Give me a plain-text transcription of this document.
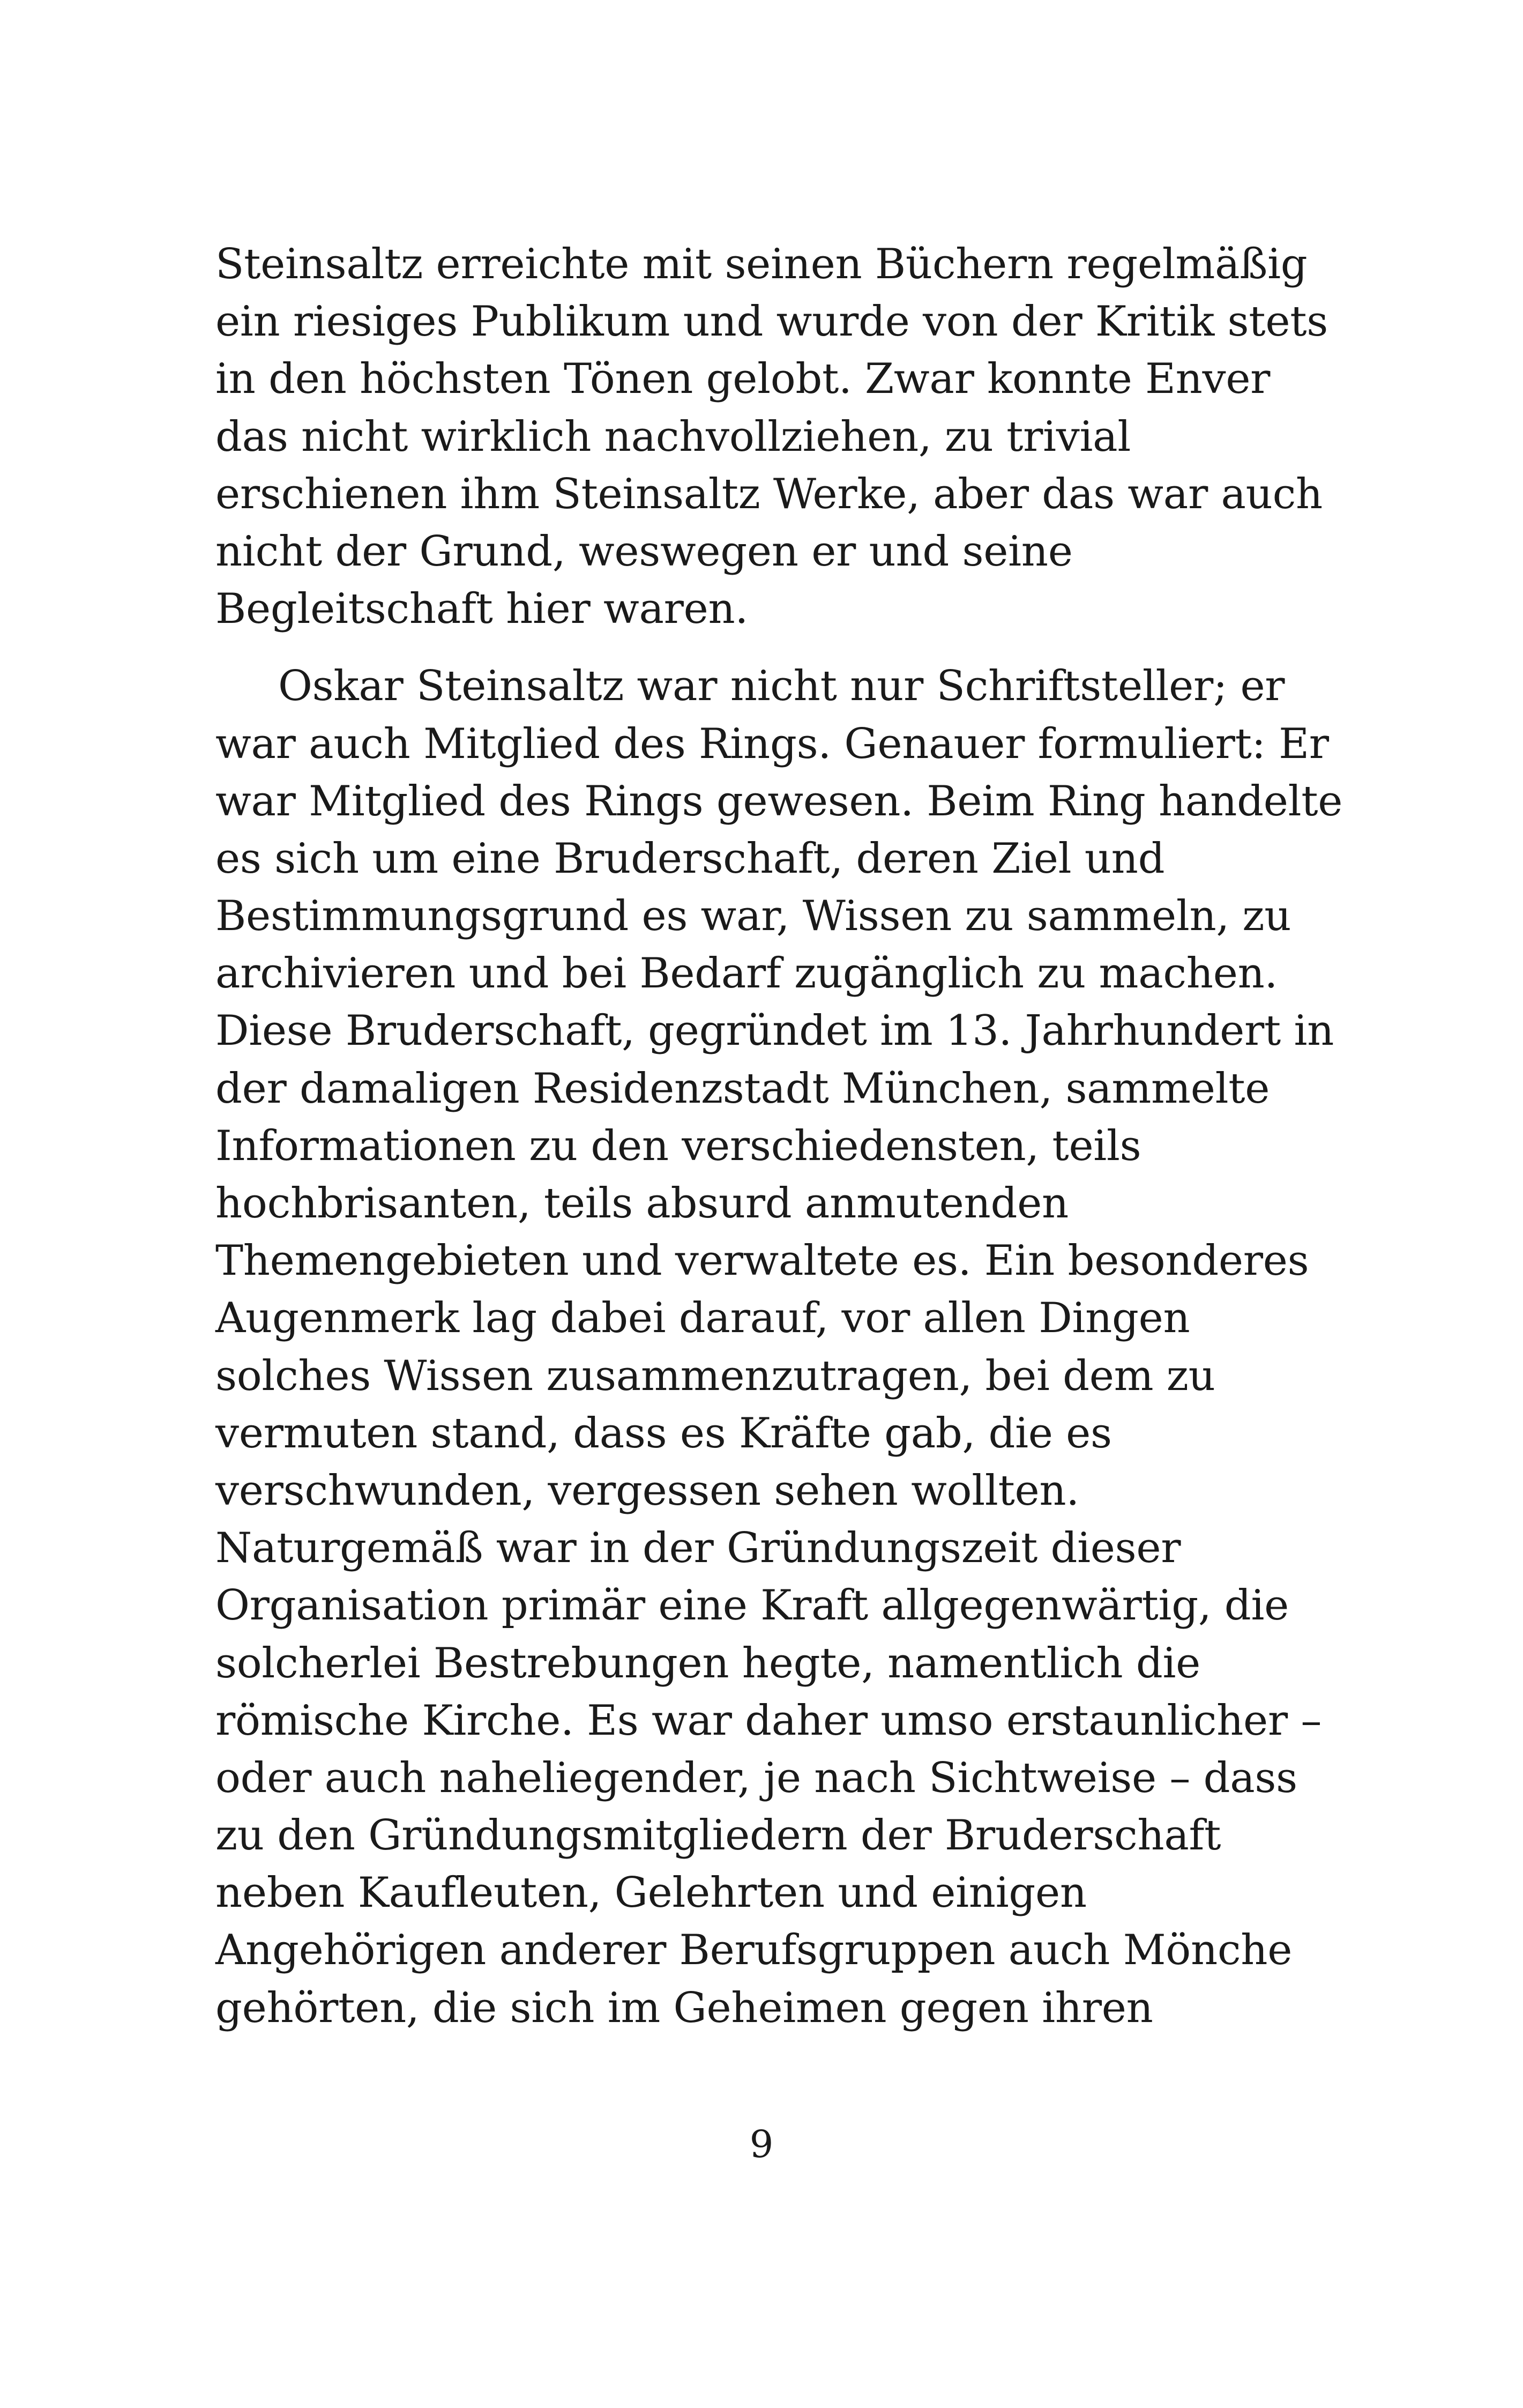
Steinsaltz erreichte mit seinen Büchern regelmäßig
ein riesiges Publikum und wurde von der Kritik stets
in den höchsten Tönen gelobt. Zwar konnte Enver
das nicht wirklich nachvollziehen, zu trivial
erschienen ihm Steinsaltz Werke, aber das war auch
nicht der Grund, weswegen er und seine
Begleitschaft hier waren.
Oskar Steinsaltz war nicht nur Schriftsteller; er
war auch Mitglied des Rings. Genauer formuliert: Er
war Mitglied des Rings gewesen. Beim Ring handelte
es sich um eine Bruderschaft, deren Ziel und
Bestimmungsgrund es war, Wissen zu sammeln, zu
archivieren und bei Bedarf zugänglich zu machen.
Diese Bruderschaft, gegründet im 13. Jahrhundert in
der damaligen Residenzstadt München, sammelte
Informationen zu den verschiedensten, teils
hochbrisanten, teils absurd anmutenden
Themengebieten und verwaltete es. Ein besonderes
Augenmerk lag dabei darauf, vor allen Dingen
solches Wissen zusammenzutragen, bei dem zu
vermuten stand, dass es Kräfte gab, die es
verschwunden, vergessen sehen wollten.
Naturgemäß war in der Gründungszeit dieser
Organisation primär eine Kraft allgegenwärtig, die
solcherlei Bestrebungen hegte, namentlich die
römische Kirche. Es war daher umso erstaunlicher –
oder auch naheliegender, je nach Sichtweise – dass
zu den Gründungsmitgliedern der Bruderschaft
neben Kaufleuten, Gelehrten und einigen
Angehörigen anderer Berufsgruppen auch Mönche
gehörten, die sich im Geheimen gegen ihren
9
